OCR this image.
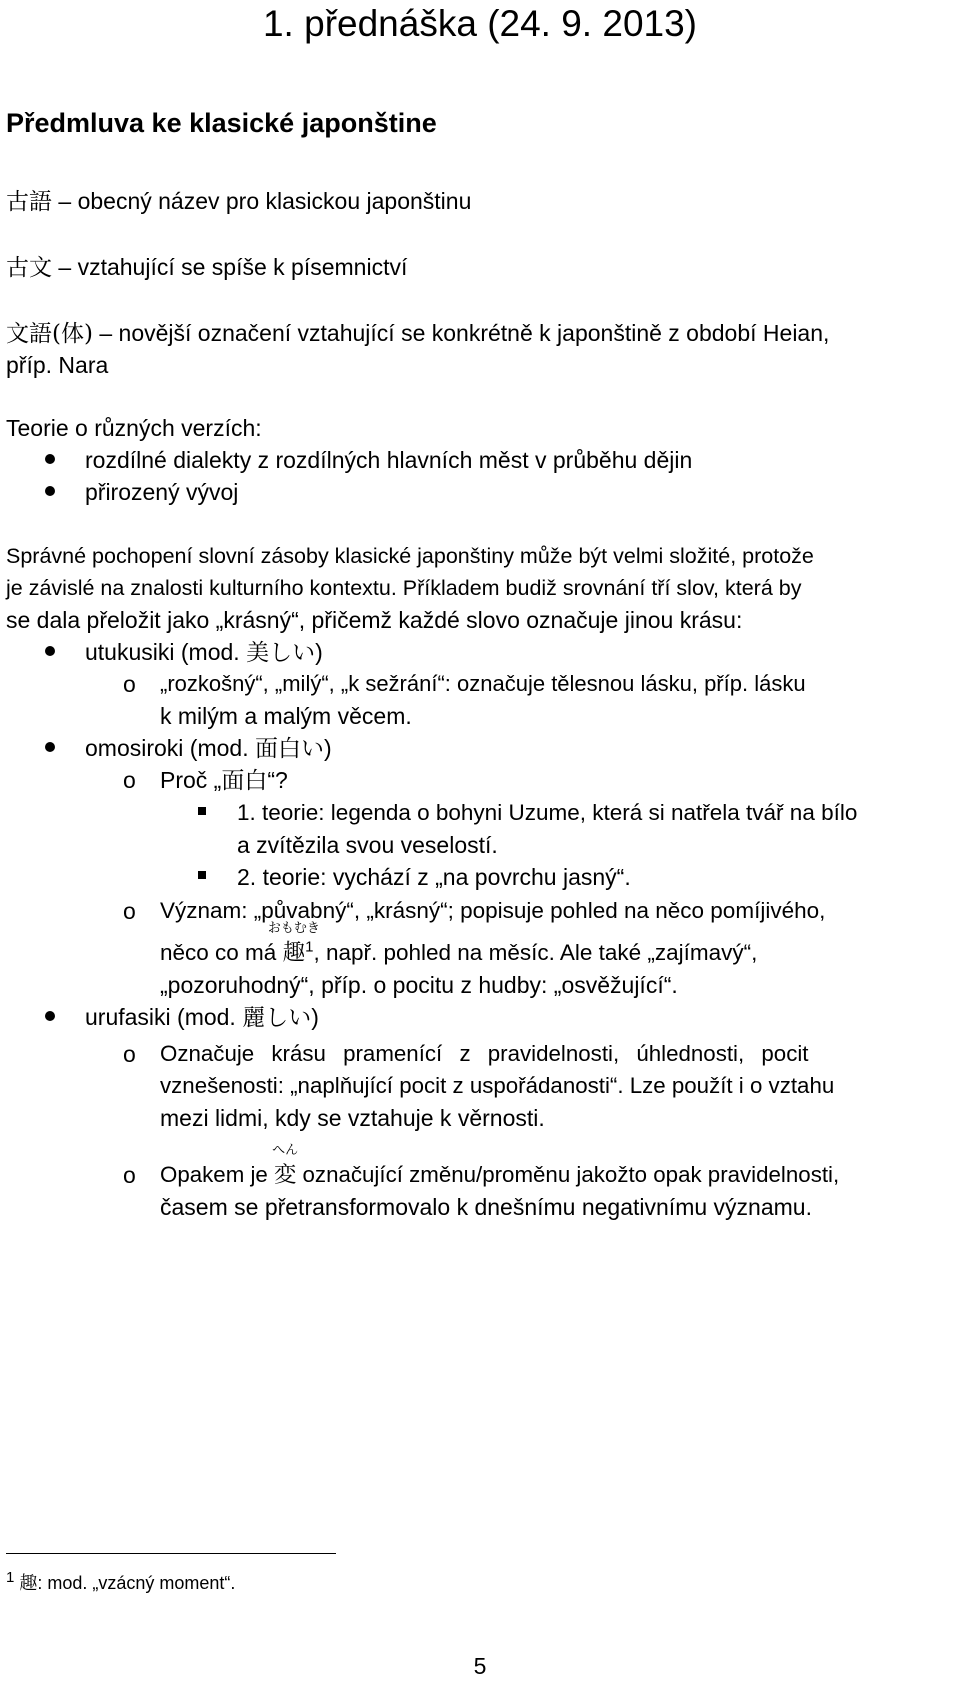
1. přednáška (24. 9. 2013)
Předmluva ke klasické japonštine
古語 – obecný název pro klasickou japonštinu
古文 – vztahující se spíše k písemnictví
文語(体) – novější označení vztahující se konkrétně k japonštině z období Heian,
příp. Nara
Teorie o různých verzích:
rozdílné dialekty z rozdílných hlavních měst v průběhu dějin
přirozený vývoj
Správné pochopení slovní zásoby klasické japonštiny může být velmi složité, protože
je závislé na znalosti kulturního kontextu. Příkladem budiž srovnání tří slov, která by
se dala přeložit jako „krásný“, přičemž každé slovo označuje jinou krásu:
utukusiki (mod. 美しい)
o „rozkošný“, „milý“, „k sežrání“: označuje tělesnou lásku, příp. lásku
k milým a malým věcem.
omosiroki (mod. 面白い)
o Proč „面白“?
1. teorie: legenda o bohyni Uzume, která si natřela tvář na bílo
a zvítězila svou veselostí.
2. teorie: vychází z „na povrchu jasný“.
o Význam: „půvabný“, „krásný“; popisuje pohled na něco pomíjivého,
něco co má
おもむき
趣$^1$, např. pohled na měsíc. Ale také „zajímavý“,
„pozoruhodný“, příp. o pocitu z hudby: „osvěžující“.
urufasiki (mod. 麗しい)
o Označuje krásu pramenící z pravidelnosti, úhlednosti, pocit
vznešenosti: „naplňující pocit z uspořádanosti“. Lze použít i o vztahu
mezi lidmi, kdy se vztahuje k věrnosti.
o Opakem je
へん
変 označující změnu/proměnu jakožto opak pravidelnosti,
časem se přetransformovalo k dnešnímu negativnímu významu.
$^1$ 趣: mod. „vzácný moment“.
5
